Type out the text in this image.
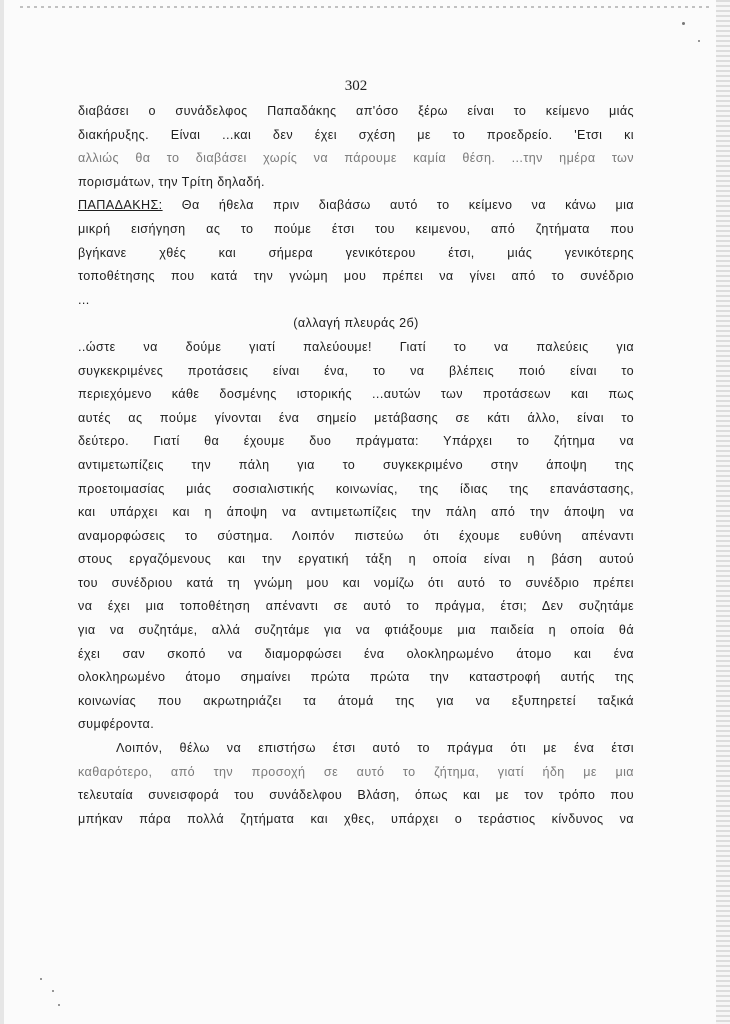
302
διαβάσει ο συνάδελφος Παπαδάκης απ'όσο ξέρω είναι το κείμενο μιάς
διακήρυξης. Είναι ...και δεν έχει σχέση με το προεδρείο. 'Ετσι κι
αλλιώς θα το διαβάσει χωρίς να πάρουμε καμία θέση. ...την ημέρα των
πορισμάτων, την Τρίτη δηλαδή.
ΠΑΠΑΔΑΚΗΣ: Θα ήθελα πριν διαβάσω αυτό το κείμενο να κάνω μια
μικρή εισήγηση ας το πούμε έτσι του κειμενου, από ζητήματα που
βγήκανε χθές και σήμερα γενικότερου έτσι, μιάς γενικότερης
τοποθέτησης που κατά την γνώμη μου πρέπει να γίνει από το συνέδριο
...
(αλλαγή πλευράς 2б)
..ώστε να δούμε γιατί παλεύουμε! Γιατί το να παλεύεις για
συγκεκριμένες προτάσεις είναι ένα, το να βλέπεις ποιό είναι το
περιεχόμενο κάθε δοσμένης ιστορικής ...αυτών των προτάσεων και πως
αυτές ας πούμε γίνονται ένα σημείο μετάβασης σε κάτι άλλο, είναι το
δεύτερο. Γιατί θα έχουμε δυο πράγματα: Υπάρχει το ζήτημα να
αντιμετωπίζεις την πάλη για το συγκεκριμένο στην άποψη της
προετοιμασίας μιάς σοσιαλιστικής κοινωνίας, της ίδιας της επανάστασης,
και υπάρχει και η άποψη να αντιμετωπίζεις την πάλη από την άποψη να
αναμορφώσεις το σύστημα. Λοιπόν πιστεύω ότι έχουμε ευθύνη απέναντι
στους εργαζόμενους και την εργατική τάξη η οποία είναι η βάση αυτού
του συνέδριου κατά τη γνώμη μου και νομίζω ότι αυτό το συνέδριο πρέπει
να έχει μια τοποθέτηση απέναντι σε αυτό το πράγμα, έτσι; Δεν συζητάμε
για να συζητάμε, αλλά συζητάμε για να φτιάξουμε μια παιδεία η οποία θά
έχει σαν σκοπό να διαμορφώσει ένα ολοκληρωμένο άτομο και ένα
ολοκληρωμένο άτομο σημαίνει πρώτα πρώτα την καταστροφή αυτής της
κοινωνίας που ακρωτηριάζει τα άτομά της για να εξυπηρετεί ταξικά
συμφέροντα.
Λοιπόν, θέλω να επιστήσω έτσι αυτό το πράγμα ότι με ένα έτσι
καθαρότερο, από την προσοχή σε αυτό το ζήτημα, γιατί ήδη με μια
τελευταία συνεισφορά του συνάδελφου Βλάση, όπως και με τον τρόπο που
μπήκαν πάρα πολλά ζητήματα και χθες, υπάρχει ο τεράστιος κίνδυνος να
